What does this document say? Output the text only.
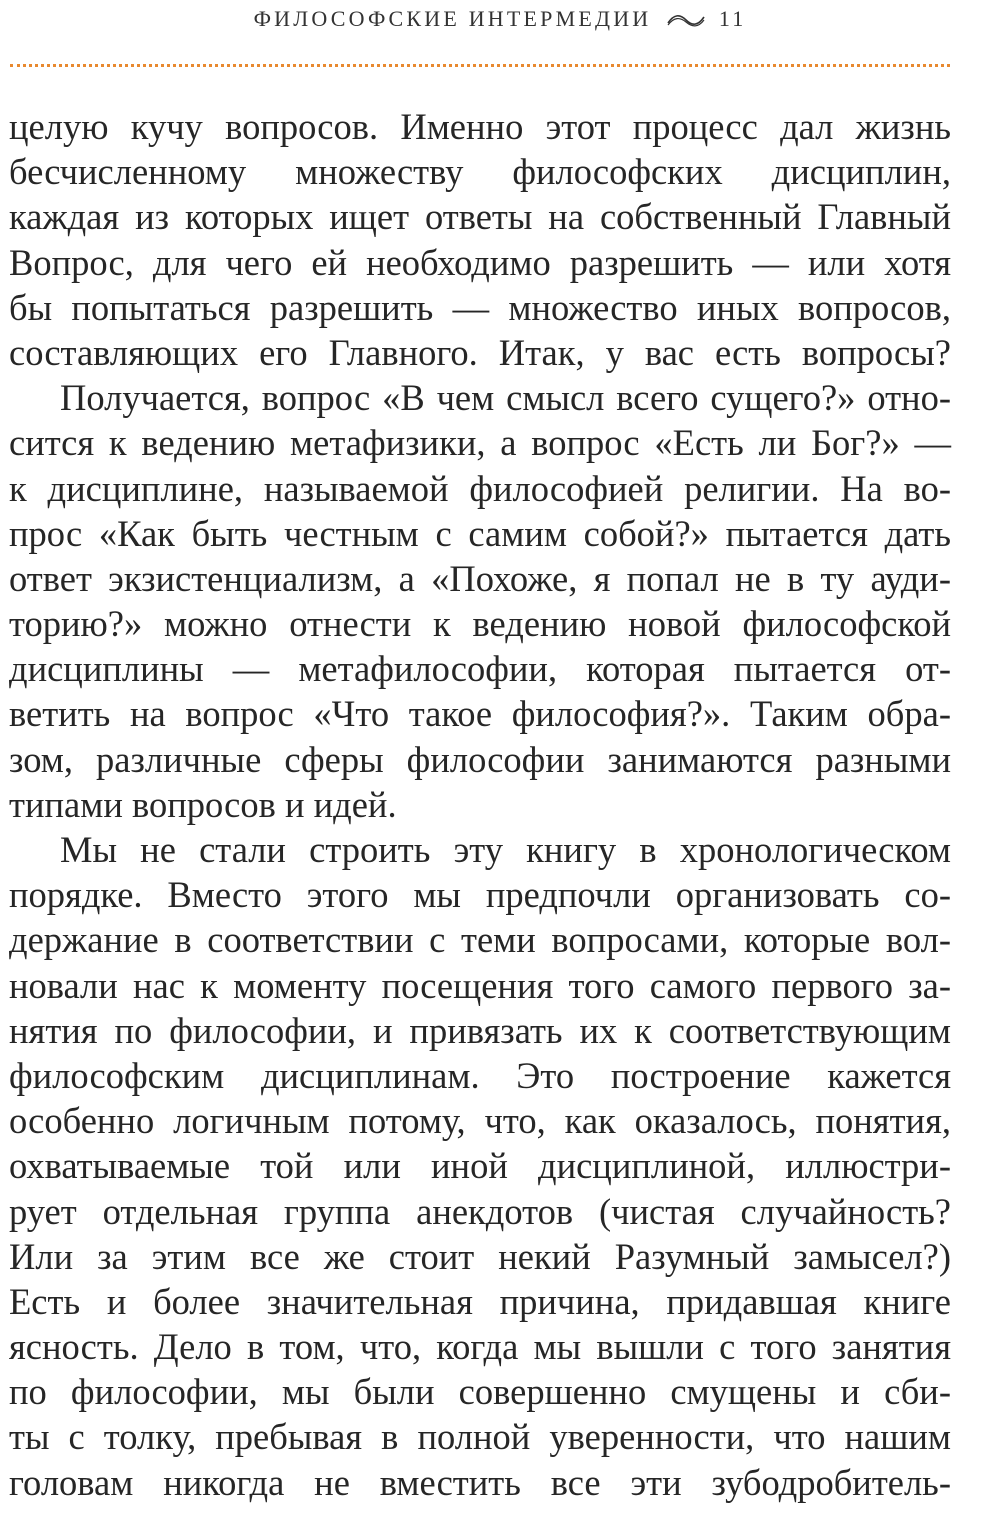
ФИЛОСОФСКИЕ ИНТЕРМЕДИИ	11
целую кучу вопросов. Именно этот процесс дал жизнь
бесчисленному множеству философских дисциплин,
каждая из которых ищет ответы на собственный Главный
Вопрос, для чего ей необходимо разрешить — или хотя
бы попытаться разрешить — множество иных вопросов,
составляющих его Главного. Итак, у вас есть вопросы?
Получается, вопрос «В чем смысл всего сущего?» отно-
сится к ведению метафизики, а вопрос «Есть ли Бог?» —
к дисциплине, называемой философией религии. На во-
прос «Как быть честным с самим собой?» пытается дать
ответ экзистенциализм, а «Похоже, я попал не в ту ауди-
торию?» можно отнести к ведению новой философской
дисциплины — метафилософии, которая пытается от-
ветить на вопрос «Что такое философия?». Таким обра-
зом, различные сферы философии занимаются разными
типами вопросов и идей.
Мы не стали строить эту книгу в хронологическом
порядке. Вместо этого мы предпочли организовать со-
держание в соответствии с теми вопросами, которые вол-
новали нас к моменту посещения того самого первого за-
нятия по философии, и привязать их к соответствующим
философским дисциплинам. Это построение кажется
особенно логичным потому, что, как оказалось, понятия,
охватываемые той или иной дисциплиной, иллюстри-
рует отдельная группа анекдотов (чистая случайность?
Или за этим все же стоит некий Разумный замысел?)
Есть и более значительная причина, придавшая книге
ясность. Дело в том, что, когда мы вышли с того занятия
по философии, мы были совершенно смущены и сби-
ты с толку, пребывая в полной уверенности, что нашим
головам никогда не вместить все эти зубодробитель-
